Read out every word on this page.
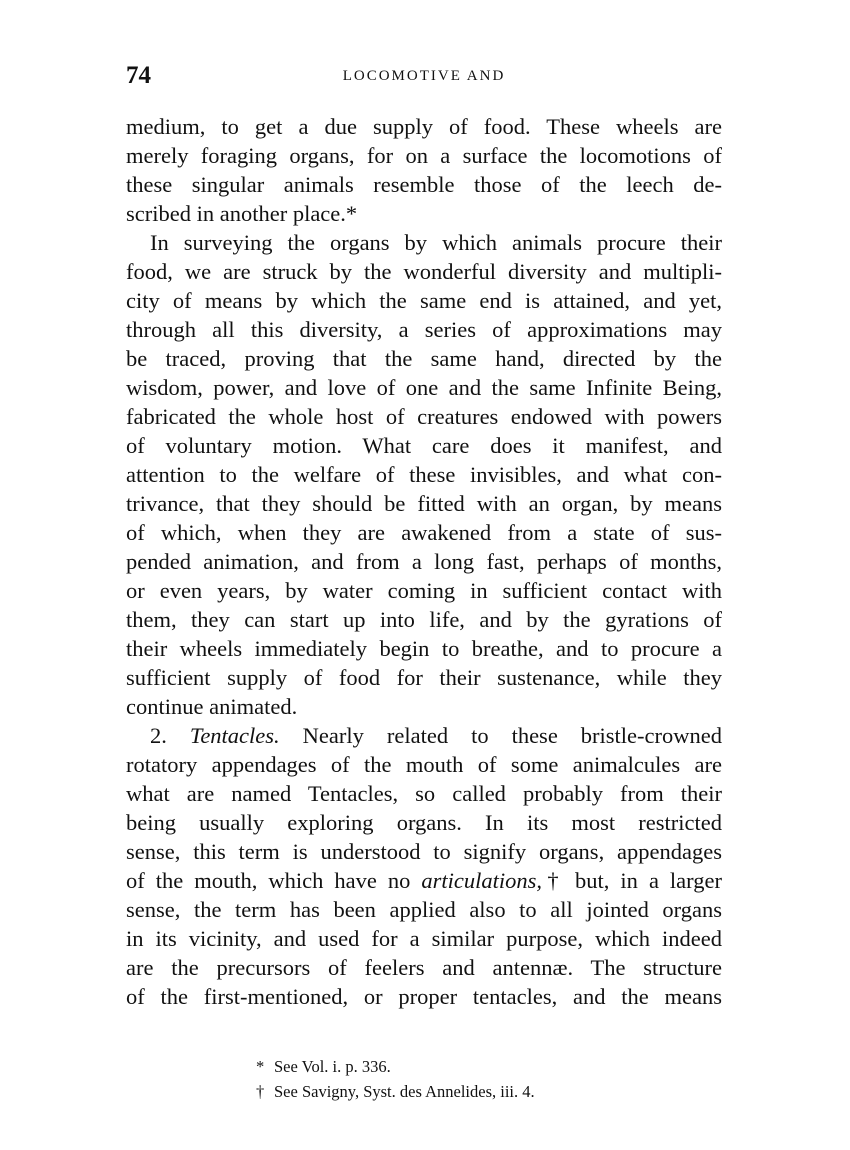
74	LOCOMOTIVE AND
medium, to get a due supply of food. These wheels are
merely foraging organs, for on a surface the locomotions of
these singular animals resemble those of the leech de-
scribed in another place.*
In surveying the organs by which animals procure their
food, we are struck by the wonderful diversity and multipli-
city of means by which the same end is attained, and yet,
through all this diversity, a series of approximations may
be traced, proving that the same hand, directed by the
wisdom, power, and love of one and the same Infinite Being,
fabricated the whole host of creatures endowed with powers
of voluntary motion. What care does it manifest, and
attention to the welfare of these invisibles, and what con-
trivance, that they should be fitted with an organ, by means
of which, when they are awakened from a state of sus-
pended animation, and from a long fast, perhaps of months,
or even years, by water coming in sufficient contact with
them, they can start up into life, and by the gyrations of
their wheels immediately begin to breathe, and to procure a
sufficient supply of food for their sustenance, while they
continue animated.
2. Tentacles. Nearly related to these bristle-crowned
rotatory appendages of the mouth of some animalcules are
what are named Tentacles, so called probably from their
being usually exploring organs. In its most restricted
sense, this term is understood to signify organs, appendages
of the mouth, which have no articulations,† but, in a larger
sense, the term has been applied also to all jointed organs
in its vicinity, and used for a similar purpose, which indeed
are the precursors of feelers and antennæ. The structure
of the first-mentioned, or proper tentacles, and the means
* See Vol. i. p. 336.
† See Savigny, Syst. des Annelides, iii. 4.
